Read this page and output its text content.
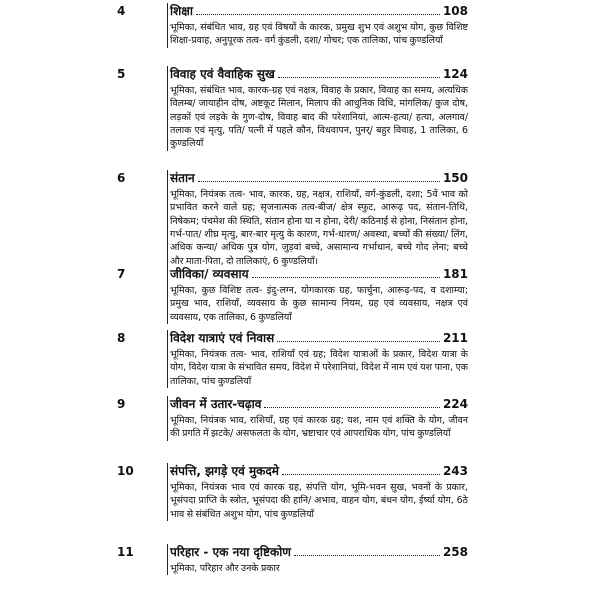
4	शिक्षा	108

भूमिका, संबंधित भाव, ग्रह एवं विषयों के कारक, प्रमुख शुभ एवं अशुभ योग, कुछ विशिष्ट शिक्षा-प्रवाह, अनुपूरक तत्व- वर्ग कुंडली, दशा/ गोचर; एक तालिका, पांच कुण्डलियाँ

5	विवाह एवं वैवाहिक सुख	124

भूमिका, संबंधित भाव, कारक-ग्रह एवं नक्षत्र, विवाह के प्रकार, विवाह का समय, अत्यधिक विलम्ब/ जायाहीन दोष, अष्टकूट मिलान, मिलाप की आधुनिक विधि, मांगलिक/ कुज दोष, लड़कों एवं लड़के के गुण-दोष, विवाह बाद की परेशानियां, आत्म-हत्या/ हत्या, अलगाव/ तलाक एवं मृत्यु, पति/ पत्नी में पहले कौन, विधवापन, पुनर्/ बहुर विवाह, 1 तालिका, 6 कुण्डलियाँ

6	संतान	150

भूमिका, नियंत्रक तत्व- भाव, कारक, ग्रह, नक्षत्र, राशियाँ, वर्ग-कुंडली, दशा; 5वें भाव को प्रभावित करने वाले ग्रह; सृजनात्मक तत्व-बीज/ क्षेत्र स्फुट, आरूढ़ पद, संतान-तिथि, निषेकम; पंचमेश की स्थिति, संतान होना या न होना, देरी/ कठिनाई से होना, निसंतान होना, गर्भ-पात/ शीघ्र मृत्यु, बार-बार मृत्यु के कारण, गर्भ-धारण/ अवस्था, बच्चों की संख्या/ लिंग, अधिक कन्या/ अधिक पुत्र योग, जुड़वां बच्चे, असामान्य गर्भाधान, बच्चे गोद लेना; बच्चे और माता-पिता, दो तालिकाएं, 6 कुण्डलियाँ।

7	जीविका/ व्यवसाय	181

भूमिका, कुछ विशिष्ट तत्व- इंदु-लग्न, योगकारक ग्रह, फार्चुना, आरूढ़-पद, व दशाम्या; प्रमुख भाव, राशियाँ, व्यवसाय के कुछ सामान्य नियम, ग्रह एवं व्यवसाय, नक्षत्र एवं व्यवसाय, एक तालिका, 6 कुण्डलियाँ

8	विदेश यात्राएं एवं निवास	211

भूमिका, नियंत्रक तत्व- भाव, राशियाँ एवं ग्रह; विदेश यात्राओं के प्रकार, विदेश यात्रा के योग, विदेश यात्रा के संभावित समय, विदेश में परेशानियां, विदेश में नाम एवं यश पाना, एक तालिका, पांच कुण्डलियाँ

9	जीवन में उतार-चढ़ाव	224

भूमिका, नियंत्रक भाव, राशियाँ, ग्रह एवं कारक ग्रह; यश, नाम एवं शक्ति के योग, जीवन की प्रगति में झटके/ असफलता के योग, भ्रष्टाचार एवं आपराधिक योग, पांच कुण्डलियाँ

10	संपत्ति, झगड़े एवं मुकदमे	243

भूमिका, नियंत्रक भाव एवं कारक ग्रह, संपत्ति योग, भूमि-भवन सुख, भवनों के प्रकार, भूसंपदा प्राप्ति के स्त्रोत, भूसंपदा की हानि/ अभाव, वाहन योग, बंधन योग, ईर्ष्या योग, 6ठे भाव से संबंधित अशुभ योग, पांच कुण्डलियाँ

11	परिहार - एक नया दृष्टिकोण	258

भूमिका, परिहार और उनके प्रकार
